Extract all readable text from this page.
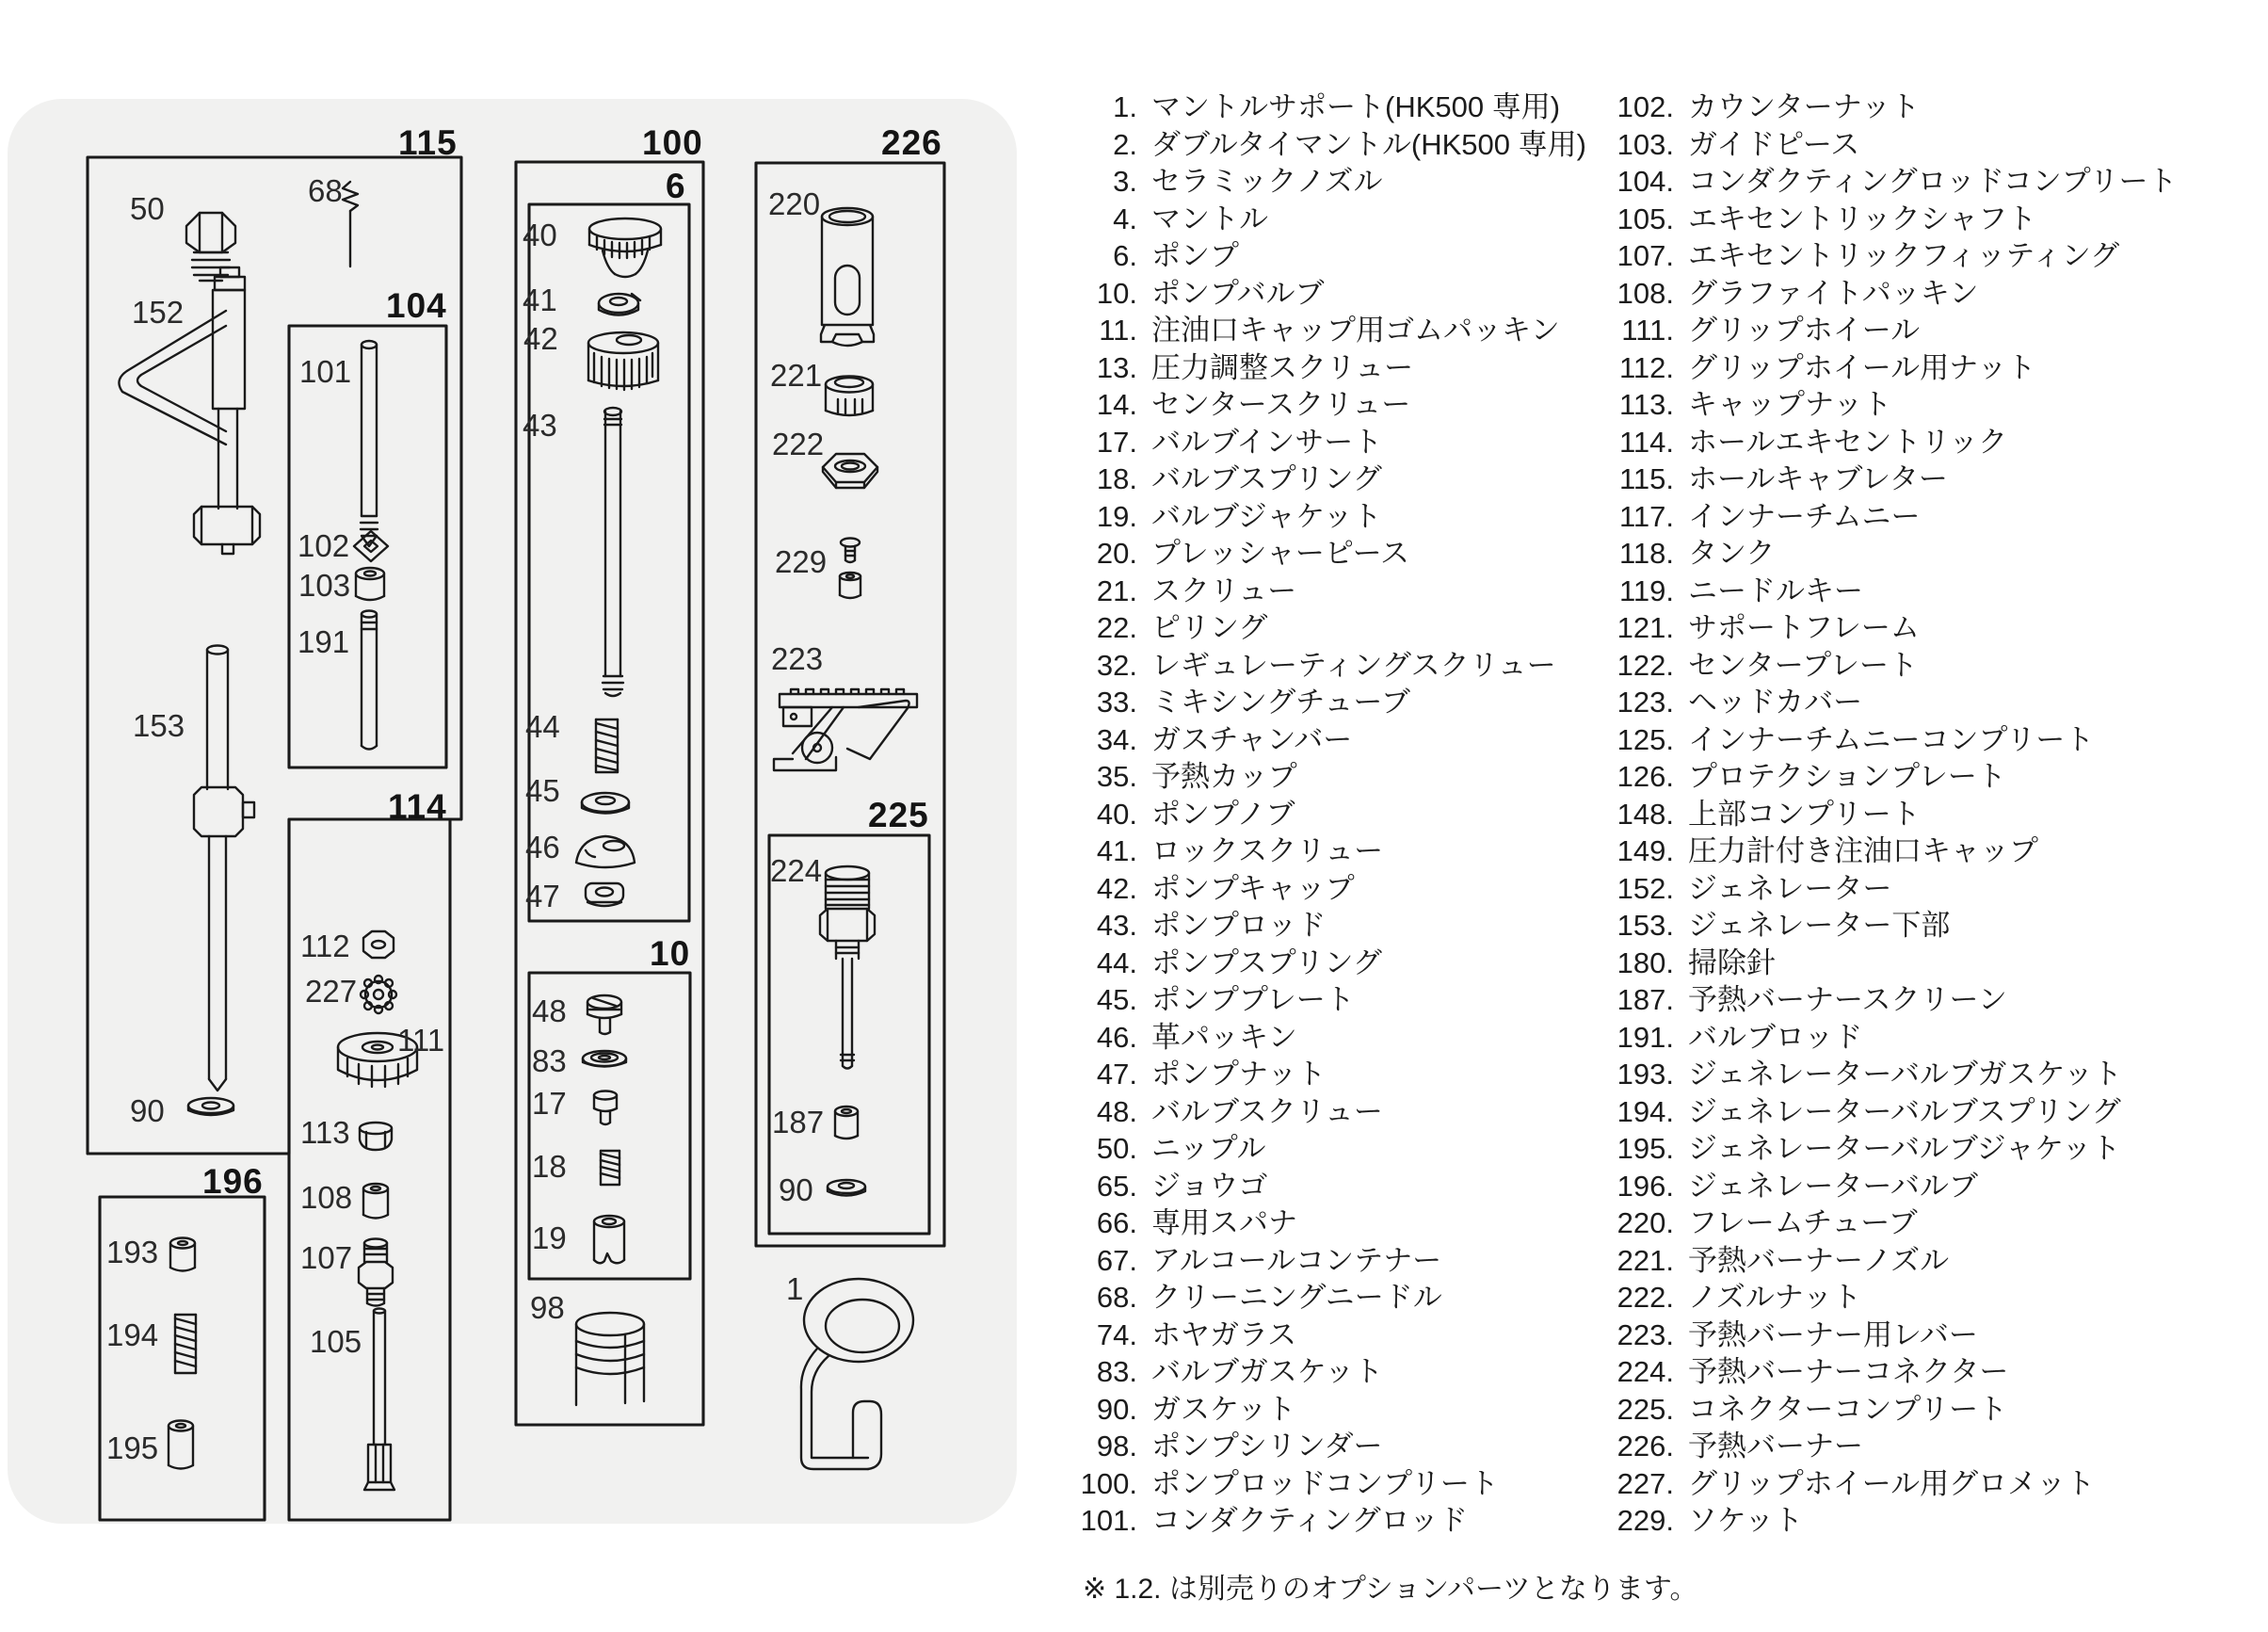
115
104
114
196
100
6
10
226
225
50
68
152
101
102
103
191
153
90
193
194
195
112
227
111
113
108
107
105
40
41
42
43
44
45
46
47
48
83
17
18
19
98
220
221
222
229
223
224
187
90
1
1. マントルサポート(HK500 専用)
2. ダブルタイマントル(HK500 専用)
3. セラミックノズル
4. マントル
6. ポンプ
10. ポンプバルブ
11. 注油口キャップ用ゴムパッキン
13. 圧力調整スクリュー
14. センタースクリュー
17. バルブインサート
18. バルブスプリング
19. バルブジャケット
20. プレッシャーピース
21. スクリュー
22. ピリング
32. レギュレーティングスクリュー
33. ミキシングチューブ
34. ガスチャンバー
35. 予熱カップ
40. ポンプノブ
41. ロックスクリュー
42. ポンプキャップ
43. ポンプロッド
44. ポンプスプリング
45. ポンププレート
46. 革パッキン
47. ポンプナット
48. バルブスクリュー
50. ニップル
65. ジョウゴ
66. 専用スパナ
67. アルコールコンテナー
68. クリーニングニードル
74. ホヤガラス
83. バルブガスケット
90. ガスケット
98. ポンプシリンダー
100. ポンプロッドコンプリート
101. コンダクティングロッド
102. カウンターナット
103. ガイドピース
104. コンダクティングロッドコンプリート
105. エキセントリックシャフト
107. エキセントリックフィッティング
108. グラファイトパッキン
111. グリップホイール
112. グリップホイール用ナット
113. キャップナット
114. ホールエキセントリック
115. ホールキャブレター
117. インナーチムニー
118. タンク
119. ニードルキー
121. サポートフレーム
122. センタープレート
123. ヘッドカバー
125. インナーチムニーコンプリート
126. プロテクションプレート
148. 上部コンプリート
149. 圧力計付き注油口キャップ
152. ジェネレーター
153. ジェネレーター下部
180. 掃除針
187. 予熱バーナースクリーン
191. バルブロッド
193. ジェネレーターバルブガスケット
194. ジェネレーターバルブスプリング
195. ジェネレーターバルブジャケット
196. ジェネレーターバルブ
220. フレームチューブ
221. 予熱バーナーノズル
222. ノズルナット
223. 予熱バーナー用レバー
224. 予熱バーナーコネクター
225. コネクターコンプリート
226. 予熱バーナー
227. グリップホイール用グロメット
229. ソケット
※ 1.2. は別売りのオプションパーツとなります。
